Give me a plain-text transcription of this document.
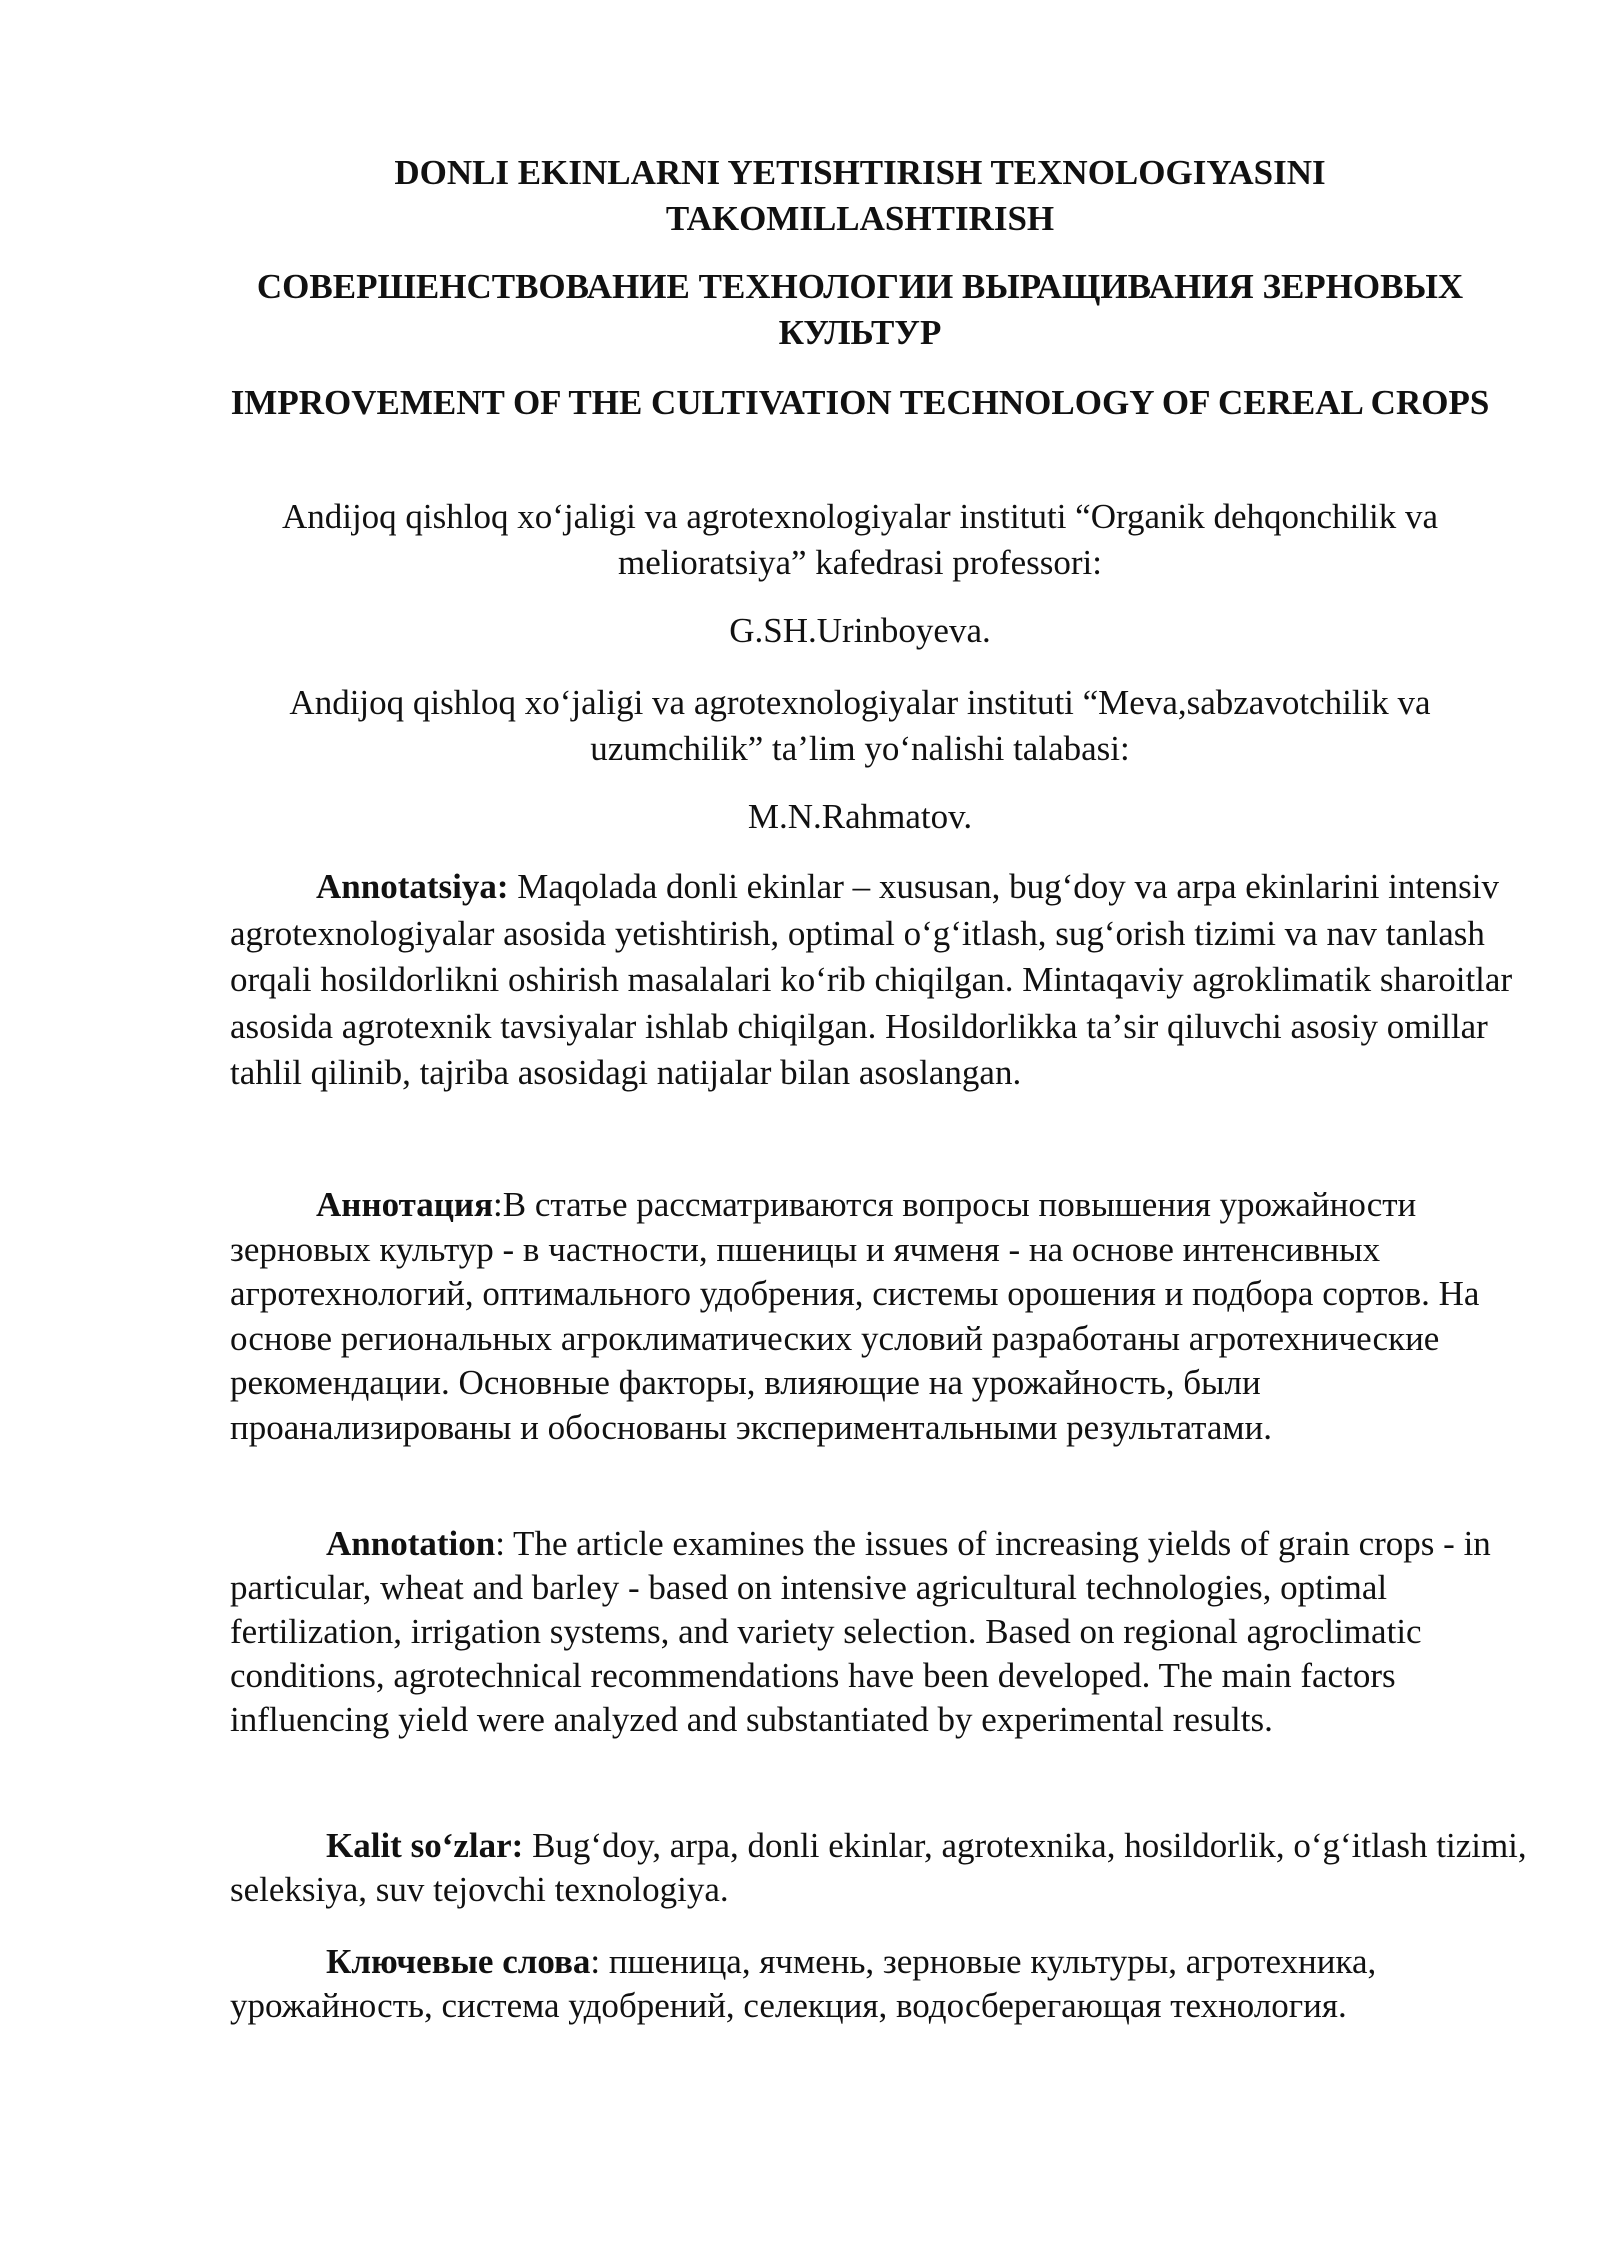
DONLI EKINLARNI YETISHTIRISH TEXNOLOGIYASINI TAKOMILLASHTIRISH
СОВЕРШЕНСТВОВАНИЕ ТЕХНОЛОГИИ ВЫРАЩИВАНИЯ ЗЕРНОВЫХ КУЛЬТУР
IMPROVEMENT OF THE CULTIVATION TECHNOLOGY OF CEREAL CROPS

Andijoq qishloq xoʻjaligi va agrotexnologiyalar instituti “Organik dehqonchilik va melioratsiya” kafedrasi professori:

G.SH.Urinboyeva.

Andijoq qishloq xoʻjaligi va agrotexnologiyalar instituti “Meva,sabzavotchilik va uzumchilik” taʼlim yoʻnalishi talabasi:

M.N.Rahmatov.

Annotatsiya: Maqolada donli ekinlar – xususan, bugʻdoy va arpa ekinlarini intensiv agrotexnologiyalar asosida yetishtirish, optimal oʻgʻitlash, sugʻorish tizimi va nav tanlash orqali hosildorlikni oshirish masalalari koʻrib chiqilgan. Mintaqaviy agroklimatik sharoitlar asosida agrotexnik tavsiyalar ishlab chiqilgan. Hosildorlikka taʼsir qiluvchi asosiy omillar tahlil qilinib, tajriba asosidagi natijalar bilan asoslangan.

Аннотация:В статье рассматриваются вопросы повышения урожайности зерновых культур - в частности, пшеницы и ячменя - на основе интенсивных агротехнологий, оптимального удобрения, системы орошения и подбора сортов. На основе региональных агроклиматических условий разработаны агротехнические рекомендации. Основные факторы, влияющие на урожайность, были проанализированы и обоснованы экспериментальными результатами.

Annotation: The article examines the issues of increasing yields of grain crops - in particular, wheat and barley - based on intensive agricultural technologies, optimal fertilization, irrigation systems, and variety selection. Based on regional agroclimatic conditions, agrotechnical recommendations have been developed. The main factors influencing yield were analyzed and substantiated by experimental results.

Kalit soʻzlar: Bugʻdoy, arpa, donli ekinlar, agrotexnika, hosildorlik, oʻgʻitlash tizimi, seleksiya, suv tejovchi texnologiya.

Ключевые слова: пшеница, ячмень, зерновые культуры, агротехника, урожайность, система удобрений, селекция, водосберегающая технология.
